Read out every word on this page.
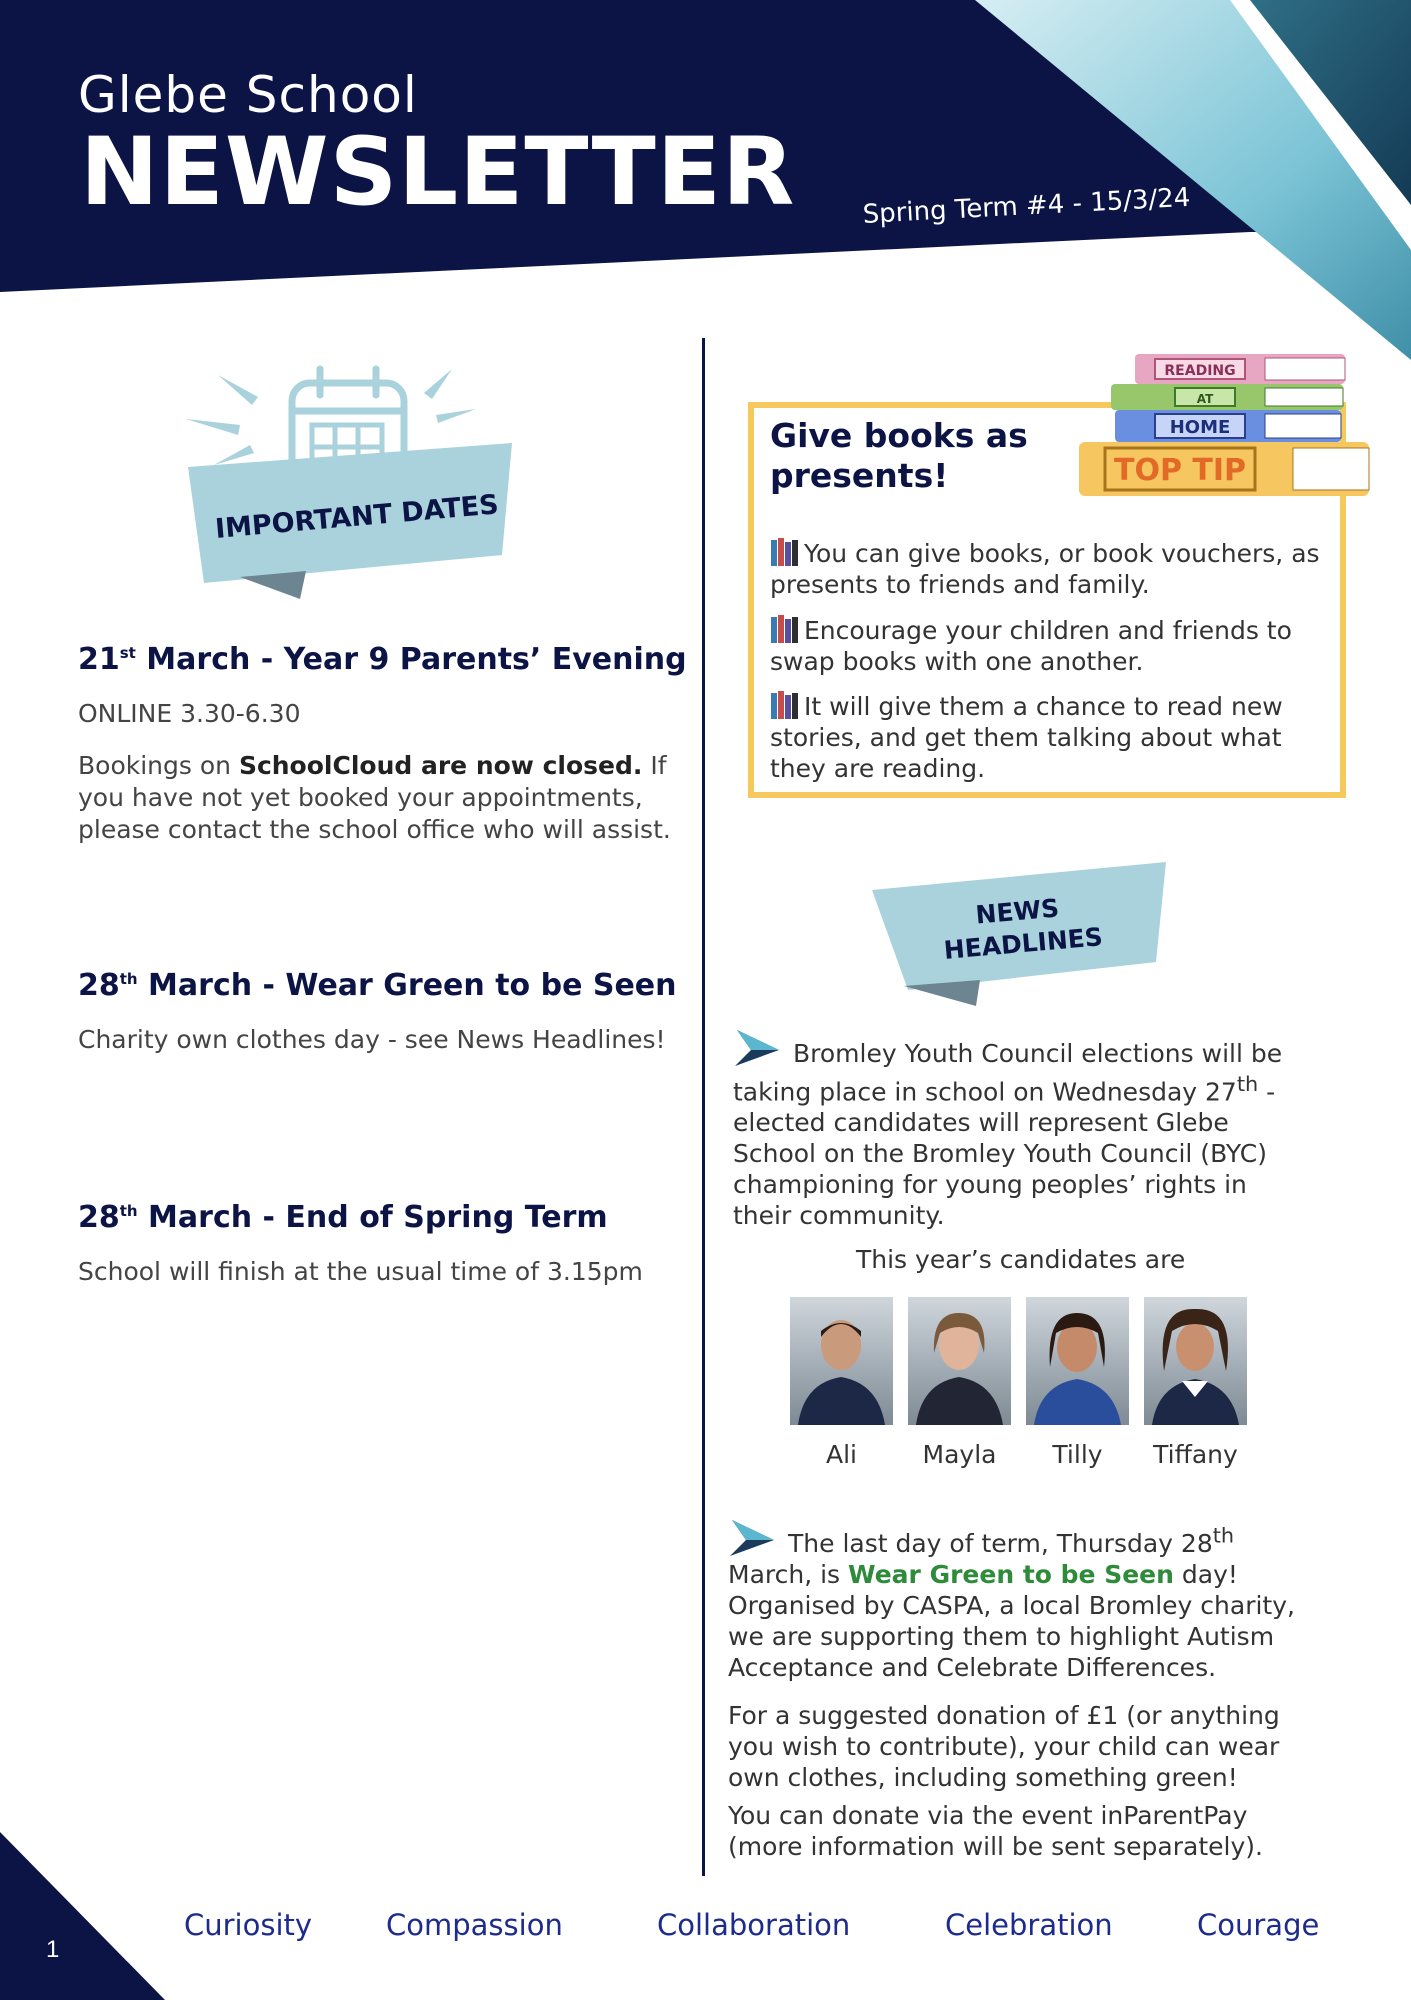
Glebe School
NEWSLETTER	Spring Term #4 - 15/3/24
IMPORTANT DATES
21st March - Year 9 Parents’ Evening
ONLINE 3.30-6.30
Bookings on SchoolCloud are now closed. If you have not yet booked your appointments, please contact the school office who will assist.
28th March - Wear Green to be Seen
Charity own clothes day - see News Headlines!
28th March - End of Spring Term
School will finish at the usual time of 3.15pm
READING
AT
HOME
TOP TIP
Give books as presents!
You can give books, or book vouchers, as presents to friends and family.
Encourage your children and friends to swap books with one another.
It will give them a chance to read new stories, and get them talking about what they are reading.
NEWS
HEADLINES
Bromley Youth Council elections will be taking place in school on Wednesday 27th - elected candidates will represent Glebe School on the Bromley Youth Council (BYC) championing for young peoples’ rights in their community.
This year’s candidates are
Ali	Mayla	Tilly	Tiffany
The last day of term, Thursday 28th March, is Wear Green to be Seen day! Organised by CASPA, a local Bromley charity, we are supporting them to highlight Autism Acceptance and Celebrate Differences.
For a suggested donation of £1 (or anything you wish to contribute), your child can wear own clothes, including something green!
You can donate via the event inParentPay (more information will be sent separately).
Curiosity	Compassion	Collaboration	Celebration	Courage
1
